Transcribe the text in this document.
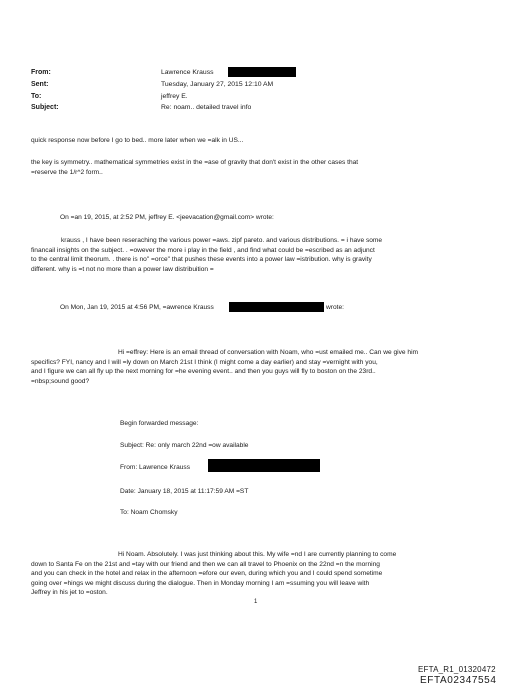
From:	Lawrence Krauss
Sent:	Tuesday, January 27, 2015 12:10 AM
To:	jeffrey E.
Subject:	Re: noam.. detailed travel info

quick response now before I go to bed.. more later when we =alk in US...

the key is symmetry.. mathematical symmetries exist in the =ase of gravity that don't exist in the other cases that

=reserve the 1/r^2 form..

On =an 19, 2015, at 2:52 PM, jeffrey E. <jeevacation@gmail.com> wrote:

krauss , I have been reseraching the various power =aws. zipf pareto. and various distributions. = i have some

financail insights on the subject. . =owever the more i play in the field , and find what could be =escribed as an adjunct

to the central limit theorum. . there is no" =orce" that pushes these events into a power law =istribution. why is gravity

different. why is =t not no more than a power law distribuition =

On Mon, Jan 19, 2015 at 4:56 PM, =awrence Krauss	wrote:

Hi =effrey: Here is an email thread of conversation with Noam, who =ust emailed me.. Can we give him

specifics? FYI, nancy and I will =ly down on March 21st I think (I might come a day earlier) and stay =vernight with you,

and I figure we can all fly up the next morning for =he evening event.. and then you guys will fly to boston on the 23rd..

=nbsp;sound good?

Begin forwarded message:
Subject: Re: only march 22nd =ow available
From: Lawrence Krauss
Date: January 18, 2015 at 11:17:59 AM =ST
To: Noam Chomsky

Hi Noam. Absolutely. I was just thinking about this. My wife =nd I are currently planning to come

down to Santa Fe on the 21st and =tay with our friend and then we can all travel to Phoenix on the 22nd =n the morning

and you can check in the hotel and relax in the afternoon =efore our even, during which you and I could spend sometime

going over =hings we might discuss during the dialogue. Then in Monday morning I am =ssuming you will leave with

Jeffrey in his jet to =oston.

1
EFTA_R1_01320472
EFTA02347554
